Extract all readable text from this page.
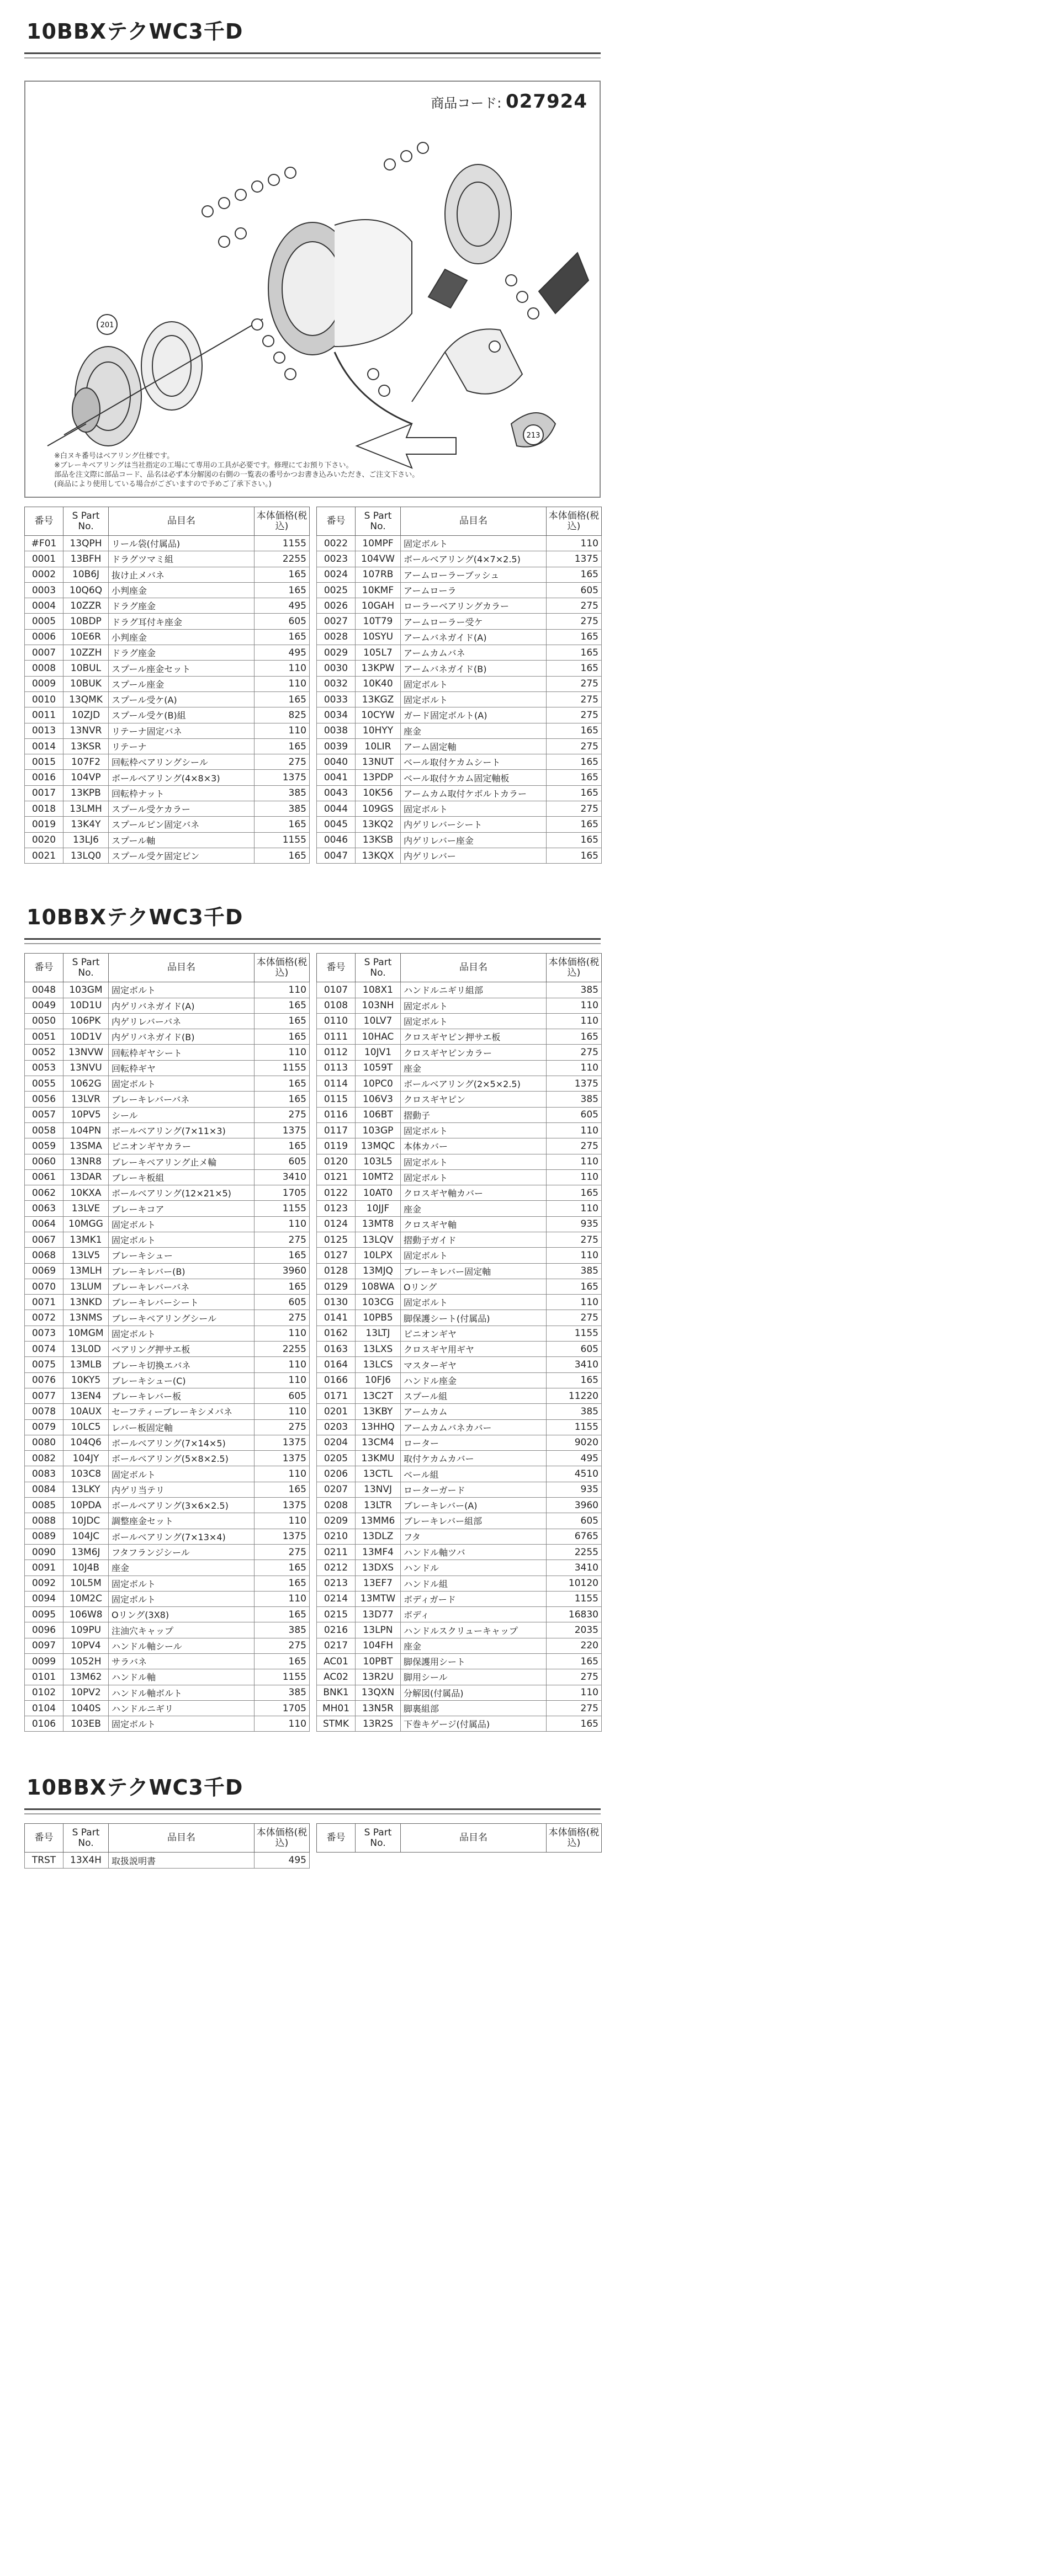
10BBXテクWC3千D
商品コード: 027924
201
213
※白ヌキ番号はベアリング仕様です。
※ブレーキベアリングは当社指定の工場にて専用の工具が必要です。修理にてお預り下さい。
部品を注文際に部品コード、品名は必ず本分解図の右側の一覧表の番号かつお書き込みいただき、ご注文下さい。
(商品により使用している場合がございますので予めご了承下さい。)
番号	S Part No.	品目名	本体価格(税込)
#F01	13QPH	リール袋(付属品)	1155
0001	13BFH	ドラグツマミ組	2255
0002	10B6J	抜け止メバネ	165
0003	10Q6Q	小判座金	165
0004	10ZZR	ドラグ座金	495
0005	10BDP	ドラグ耳付キ座金	605
0006	10E6R	小判座金	165
0007	10ZZH	ドラグ座金	495
0008	10BUL	スプール座金セット	110
0009	10BUK	スプール座金	110
0010	13QMK	スプール受ケ(A)	165
0011	10ZJD	スプール受ケ(B)組	825
0013	13NVR	リテーナ固定バネ	110
0014	13KSR	リテーナ	165
0015	107F2	回転枠ベアリングシール	275
0016	104VP	ボールベアリング(4×8×3)	1375
0017	13KPB	回転枠ナット	385
0018	13LMH	スプール受ケカラー	385
0019	13K4Y	スプールピン固定バネ	165
0020	13LJ6	スプール軸	1155
0021	13LQ0	スプール受ケ固定ピン	165
番号	S Part No.	品目名	本体価格(税込)
0022	10MPF	固定ボルト	110
0023	104VW	ボールベアリング(4×7×2.5)	1375
0024	107RB	アームローラーブッシュ	165
0025	10KMF	アームローラ	605
0026	10GAH	ローラーベアリングカラー	275
0027	10T79	アームローラー受ケ	275
0028	10SYU	アームバネガイド(A)	165
0029	105L7	アームカムバネ	165
0030	13KPW	アームバネガイド(B)	165
0032	10K40	固定ボルト	275
0033	13KGZ	固定ボルト	275
0034	10CYW	ガード固定ボルト(A)	275
0038	10HYY	座金	165
0039	10LIR	アーム固定軸	275
0040	13NUT	ベール取付ケカムシート	165
0041	13PDP	ベール取付ケカム固定軸板	165
0043	10K56	アームカム取付ケボルトカラー	165
0044	109GS	固定ボルト	275
0045	13KQ2	内ゲリレバーシート	165
0046	13KSB	内ゲリレバー座金	165
0047	13KQX	内ゲリレバー	165
10BBXテクWC3千D
番号	S Part No.	品目名	本体価格(税込)
0048	103GM	固定ボルト	110
0049	10D1U	内ゲリバネガイド(A)	165
0050	106PK	内ゲリレバーバネ	165
0051	10D1V	内ゲリバネガイド(B)	165
0052	13NVW	回転枠ギヤシート	110
0053	13NVU	回転枠ギヤ	1155
0055	1062G	固定ボルト	165
0056	13LVR	ブレーキレバーバネ	165
0057	10PV5	シール	275
0058	104PN	ボールベアリング(7×11×3)	1375
0059	13SMA	ピニオンギヤカラー	165
0060	13NR8	ブレーキベアリング止メ輪	605
0061	13DAR	ブレーキ板組	3410
0062	10KXA	ボールベアリング(12×21×5)	1705
0063	13LVE	ブレーキコア	1155
0064	10MGG	固定ボルト	110
0067	13MK1	固定ボルト	275
0068	13LV5	ブレーキシュー	165
0069	13MLH	ブレーキレバー(B)	3960
0070	13LUM	ブレーキレバーバネ	165
0071	13NKD	ブレーキレバーシート	605
0072	13NMS	ブレーキベアリングシール	275
0073	10MGM	固定ボルト	110
0074	13L0D	ベアリング押サエ板	2255
0075	13MLB	ブレーキ切換エバネ	110
0076	10KY5	ブレーキシュー(C)	110
0077	13EN4	ブレーキレバー板	605
0078	10AUX	セーフティーブレーキシメバネ	110
0079	10LC5	レバー板固定軸	275
0080	104Q6	ボールベアリング(7×14×5)	1375
0082	104JY	ボールベアリング(5×8×2.5)	1375
0083	103C8	固定ボルト	110
0084	13LKY	内ゲリ当テリ	165
0085	10PDA	ボールベアリング(3×6×2.5)	1375
0088	10JDC	調整座金セット	110
0089	104JC	ボールベアリング(7×13×4)	1375
0090	13M6J	フタフランジシール	275
0091	10J4B	座金	165
0092	10L5M	固定ボルト	165
0094	10M2C	固定ボルト	110
0095	106W8	Oリング(3X8)	165
0096	109PU	注油穴キャップ	385
0097	10PV4	ハンドル軸シール	275
0099	1052H	サラバネ	165
0101	13M62	ハンドル軸	1155
0102	10PV2	ハンドル軸ボルト	385
0104	1040S	ハンドルニギリ	1705
0106	103EB	固定ボルト	110
番号	S Part No.	品目名	本体価格(税込)
0107	108X1	ハンドルニギリ組部	385
0108	103NH	固定ボルト	110
0110	10LV7	固定ボルト	110
0111	10HAC	クロスギヤピン押サエ板	165
0112	10JV1	クロスギヤピンカラー	275
0113	1059T	座金	110
0114	10PC0	ボールベアリング(2×5×2.5)	1375
0115	106V3	クロスギヤピン	385
0116	106BT	摺動子	605
0117	103GP	固定ボルト	110
0119	13MQC	本体カバー	275
0120	103L5	固定ボルト	110
0121	10MT2	固定ボルト	110
0122	10AT0	クロスギヤ軸カバー	165
0123	10JJF	座金	110
0124	13MT8	クロスギヤ軸	935
0125	13LQV	摺動子ガイド	275
0127	10LPX	固定ボルト	110
0128	13MJQ	ブレーキレバー固定軸	385
0129	108WA	Oリング	165
0130	103CG	固定ボルト	110
0141	10PB5	脚保護シート(付属品)	275
0162	13LTJ	ピニオンギヤ	1155
0163	13LXS	クロスギヤ用ギヤ	605
0164	13LCS	マスターギヤ	3410
0166	10FJ6	ハンドル座金	165
0171	13C2T	スプール組	11220
0201	13KBY	アームカム	385
0203	13HHQ	アームカムバネカバー	1155
0204	13CM4	ローター	9020
0205	13KMU	取付ケカムカバー	495
0206	13CTL	ベール組	4510
0207	13NVJ	ローターガード	935
0208	13LTR	ブレーキレバー(A)	3960
0209	13MM6	ブレーキレバー組部	605
0210	13DLZ	フタ	6765
0211	13MF4	ハンドル軸ツバ	2255
0212	13DXS	ハンドル	3410
0213	13EF7	ハンドル組	10120
0214	13MTW	ボディガード	1155
0215	13D77	ボディ	16830
0216	13LPN	ハンドルスクリューキャップ	2035
0217	104FH	座金	220
AC01	10PBT	脚保護用シート	165
AC02	13R2U	脚用シール	275
BNK1	13QXN	分解図(付属品)	110
MH01	13N5R	脚裏組部	275
STMK	13R2S	下巻キゲージ(付属品)	165
10BBXテクWC3千D
番号	S Part No.	品目名	本体価格(税込)
TRST	13X4H	取扱説明書	495
番号	S Part No.	品目名	本体価格(税込)
